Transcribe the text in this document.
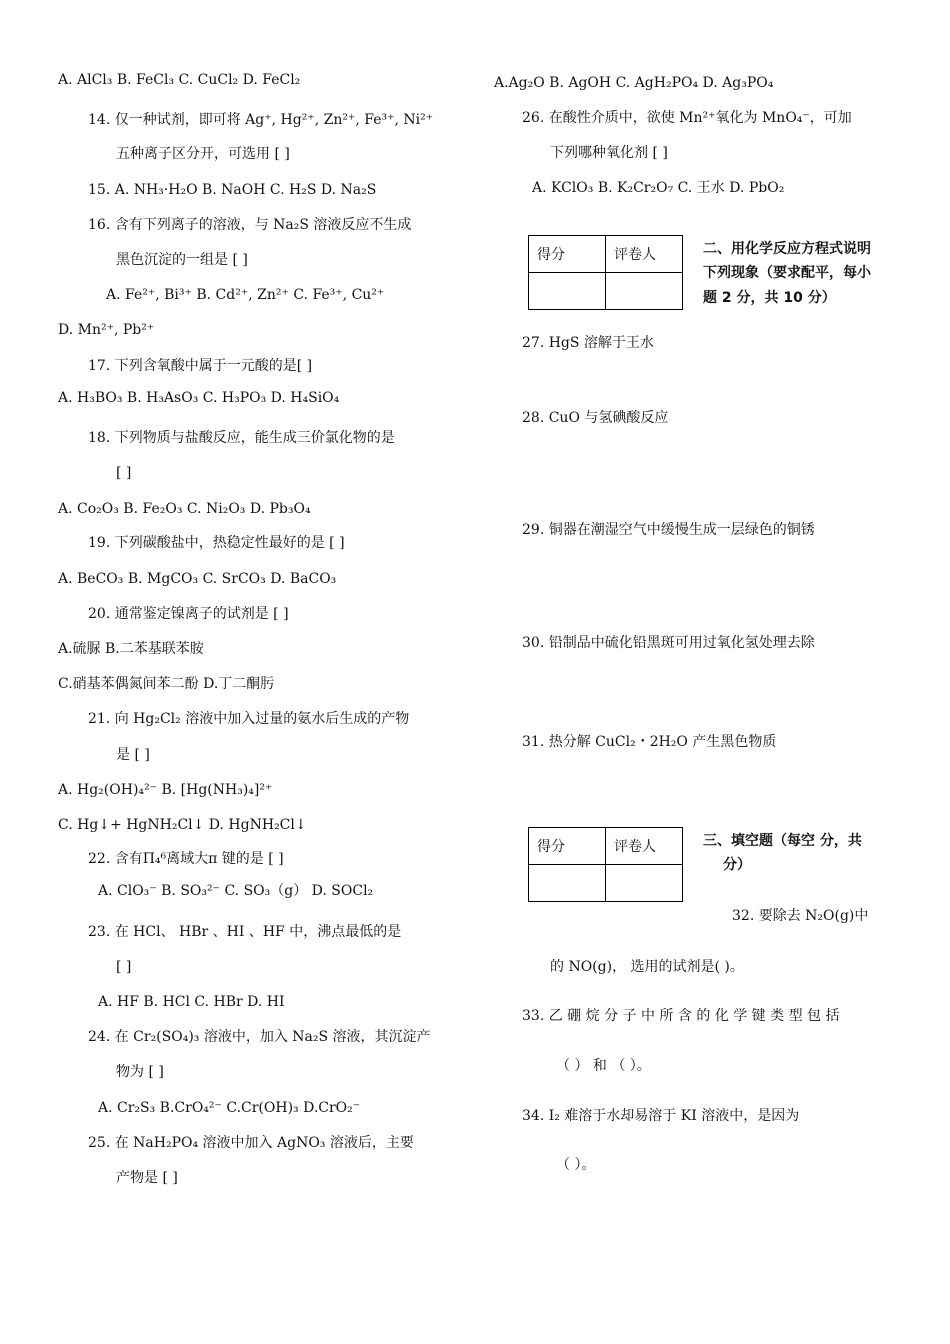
A. AlCl₃ B. FeCl₃ C. CuCl₂ D. FeCl₂
14. 仅一种试剂，即可将 Ag⁺, Hg²⁺, Zn²⁺, Fe³⁺, Ni²⁺
五种离子区分开，可选用 [ ]
15. A. NH₃·H₂O B. NaOH C. H₂S D. Na₂S
16. 含有下列离子的溶液，与 Na₂S 溶液反应不生成
黑色沉淀的一组是 [ ]
A. Fe²⁺, Bi³⁺ B. Cd²⁺, Zn²⁺ C. Fe³⁺, Cu²⁺
D. Mn²⁺, Pb²⁺
17. 下列含氧酸中属于一元酸的是[ ]
A. H₃BO₃ B. H₃AsO₃ C. H₃PO₃ D. H₄SiO₄
18. 下列物质与盐酸反应，能生成三价氯化物的是
[ ]
A. Co₂O₃ B. Fe₂O₃ C. Ni₂O₃ D. Pb₃O₄
19. 下列碳酸盐中，热稳定性最好的是 [ ]
A. BeCO₃ B. MgCO₃ C. SrCO₃ D. BaCO₃
20. 通常鉴定镍离子的试剂是 [ ]
A.硫脲 B.二苯基联苯胺
C.硝基苯偶氮间苯二酚 D.丁二酮肟
21. 向 Hg₂Cl₂ 溶液中加入过量的氨水后生成的产物
是 [ ]
A. Hg₂(OH)₄²⁻ B. [Hg(NH₃)₄]²⁺
C. Hg↓+ HgNH₂Cl↓ D. HgNH₂Cl↓
22. 含有Π₄⁶离域大π 键的是 [ ]
A. ClO₃⁻ B. SO₃²⁻ C. SO₃（g） D. SOCl₂
23. 在 HCl、 HBr 、HI 、HF 中，沸点最低的是
[ ]
A. HF B. HCl C. HBr D. HI
24. 在 Cr₂(SO₄)₃ 溶液中，加入 Na₂S 溶液，其沉淀产
物为 [ ]
A. Cr₂S₃ B.CrO₄²⁻ C.Cr(OH)₃ D.CrO₂⁻
25. 在 NaH₂PO₄ 溶液中加入 AgNO₃ 溶液后，主要
产物是 [ ]
A.Ag₂O B. AgOH C. AgH₂PO₄ D. Ag₃PO₄
26. 在酸性介质中，欲使 Mn²⁺氧化为 MnO₄⁻，可加
下列哪种氧化剂 [ ]
A. KClO₃ B. K₂Cr₂O₇ C. 王水 D. PbO₂
得分	评卷人
		二、用化学反应方程式说明
下列现象（要求配平，每小
题 2 分，共 10 分）
27. HgS 溶解于王水
28. CuO 与氢碘酸反应
29. 铜器在潮湿空气中缓慢生成一层绿色的铜锈
30. 铅制品中硫化铅黑斑可用过氧化氢处理去除
31. 热分解 CuCl₂・2H₂O 产生黑色物质
得分	评卷人
		三、填空题（每空 分，共
分）
32. 要除去 N₂O(g)中
的 NO(g)， 选用的试剂是( )。
33. 乙 硼 烷 分 子 中 所 含 的 化 学 键 类 型 包 括
（ ） 和 （ ）。
34. I₂ 难溶于水却易溶于 KI 溶液中，是因为
（ ）。
